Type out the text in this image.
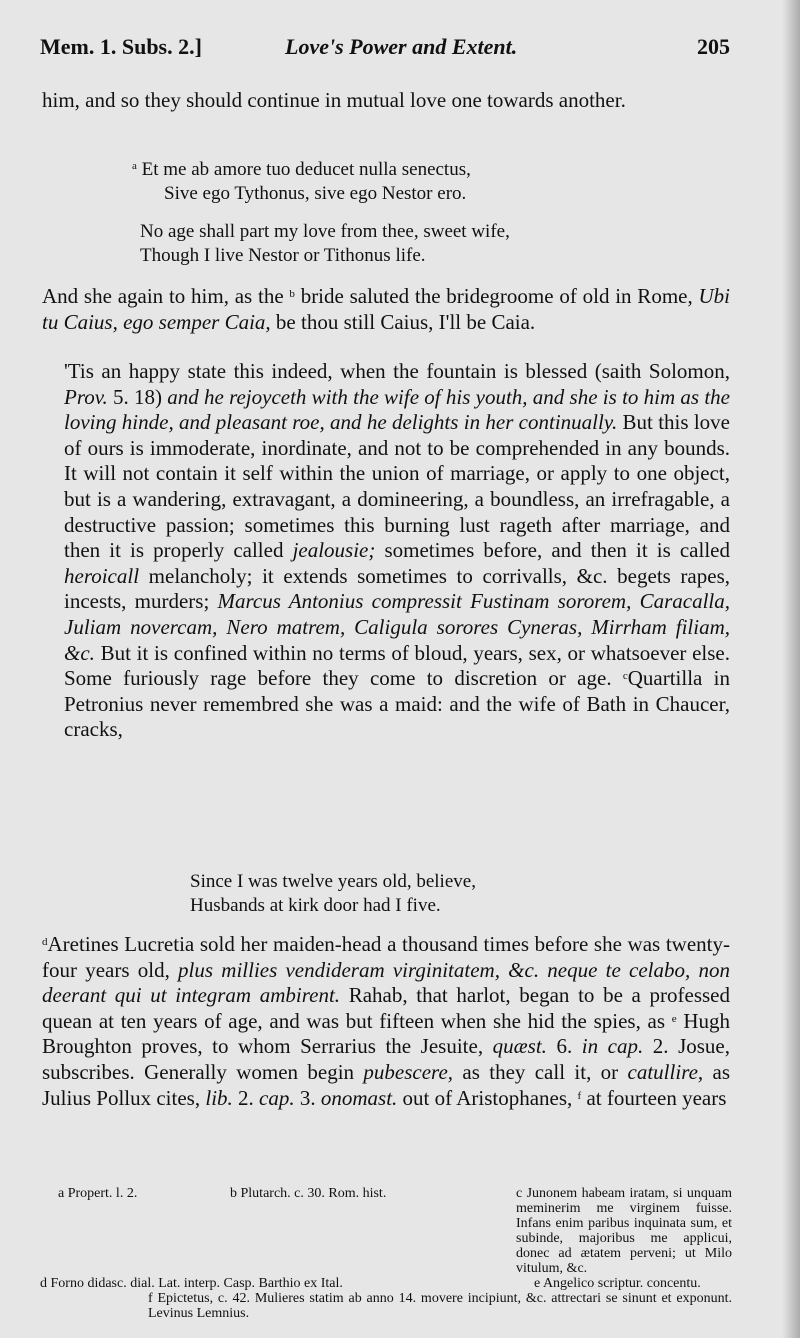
Mem. 1. Subs. 2.]	Love's Power and Extent.	205
him, and so they should continue in mutual love one towards another.
$^a$ Et me ab amore tuo deducet nulla senectus,
Sive ego Tythonus, sive ego Nestor ero.
No age shall part my love from thee, sweet wife,
Though I live Nestor or Tithonus life.
And she again to him, as the $^b$ bride saluted the bridegroome of old in Rome, Ubi tu Caius, ego semper Caia, be thou still Caius, I'll be Caia.
'Tis an happy state this indeed, when the fountain is blessed (saith Solomon, Prov. 5. 18) and he rejoyceth with the wife of his youth, and she is to him as the loving hinde, and pleasant roe, and he delights in her continually. But this love of ours is immoderate, inordinate, and not to be comprehended in any bounds. It will not contain it self within the union of marriage, or apply to one object, but is a wandering, extravagant, a domineering, a boundless, an irrefragable, a destructive passion; sometimes this burning lust rageth after marriage, and then it is properly called jealousie; sometimes before, and then it is called heroicall melancholy; it extends sometimes to corrivalls, &c. begets rapes, incests, murders; Marcus Antonius compressit Fustinam sororem, Caracalla, Juliam novercam, Nero matrem, Caligula sorores Cyneras, Mirrham filiam, &c. But it is confined within no terms of bloud, years, sex, or whatsoever else. Some furiously rage before they come to discretion or age. $^c$Quartilla in Petronius never remembred she was a maid: and the wife of Bath in Chaucer, cracks,
Since I was twelve years old, believe,
Husbands at kirk door had I five.
$^d$Aretines Lucretia sold her maiden-head a thousand times before she was twenty-four years old, plus millies vendideram virginitatem, &c. neque te celabo, non deerant qui ut integram ambirent. Rahab, that harlot, began to be a professed quean at ten years of age, and was but fifteen when she hid the spies, as $^e$ Hugh Broughton proves, to whom Serrarius the Jesuite, quæst. 6. in cap. 2. Josue, subscribes. Generally women begin pubescere, as they call it, or catullire, as Julius Pollux cites, lib. 2. cap. 3. onomast. out of Aristophanes, $^f$ at fourteen years
a Propert. l. 2.	b Plutarch. c. 30. Rom. hist.	c Junonem habeam iratam, si unquam meminerim me virginem fuisse. Infans enim paribus inquinata sum, et subinde, majoribus me applicui, donec ad ætatem perveni; ut Milo vitulum, &c.
d Forno didasc. dial. Lat. interp. Casp. Barthio ex Ital.	e Angelico scriptur. concentu.
f Epictetus, c. 42. Mulieres statim ab anno 14. movere incipiunt, &c. attrectari se sinunt et exponunt. Levinus Lemnius.
